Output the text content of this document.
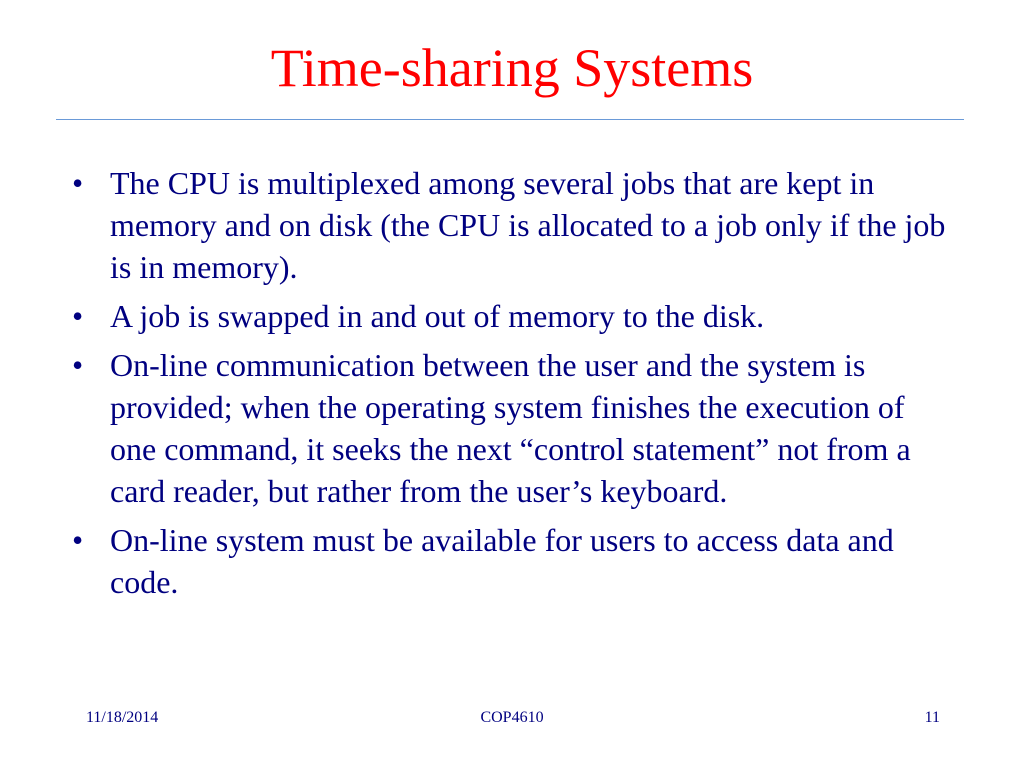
Time-sharing Systems
• The CPU is multiplexed among several jobs that are kept in memory and on disk (the CPU is allocated to a job only if the job is in memory).
• A job is swapped in and out of memory to the disk.
• On-line communication between the user and the system is provided; when the operating system finishes the execution of one command, it seeks the next “control statement” not from a card reader, but rather from the user’s keyboard.
• On-line system must be available for users to access data and code.
11/18/2014	COP4610	11
